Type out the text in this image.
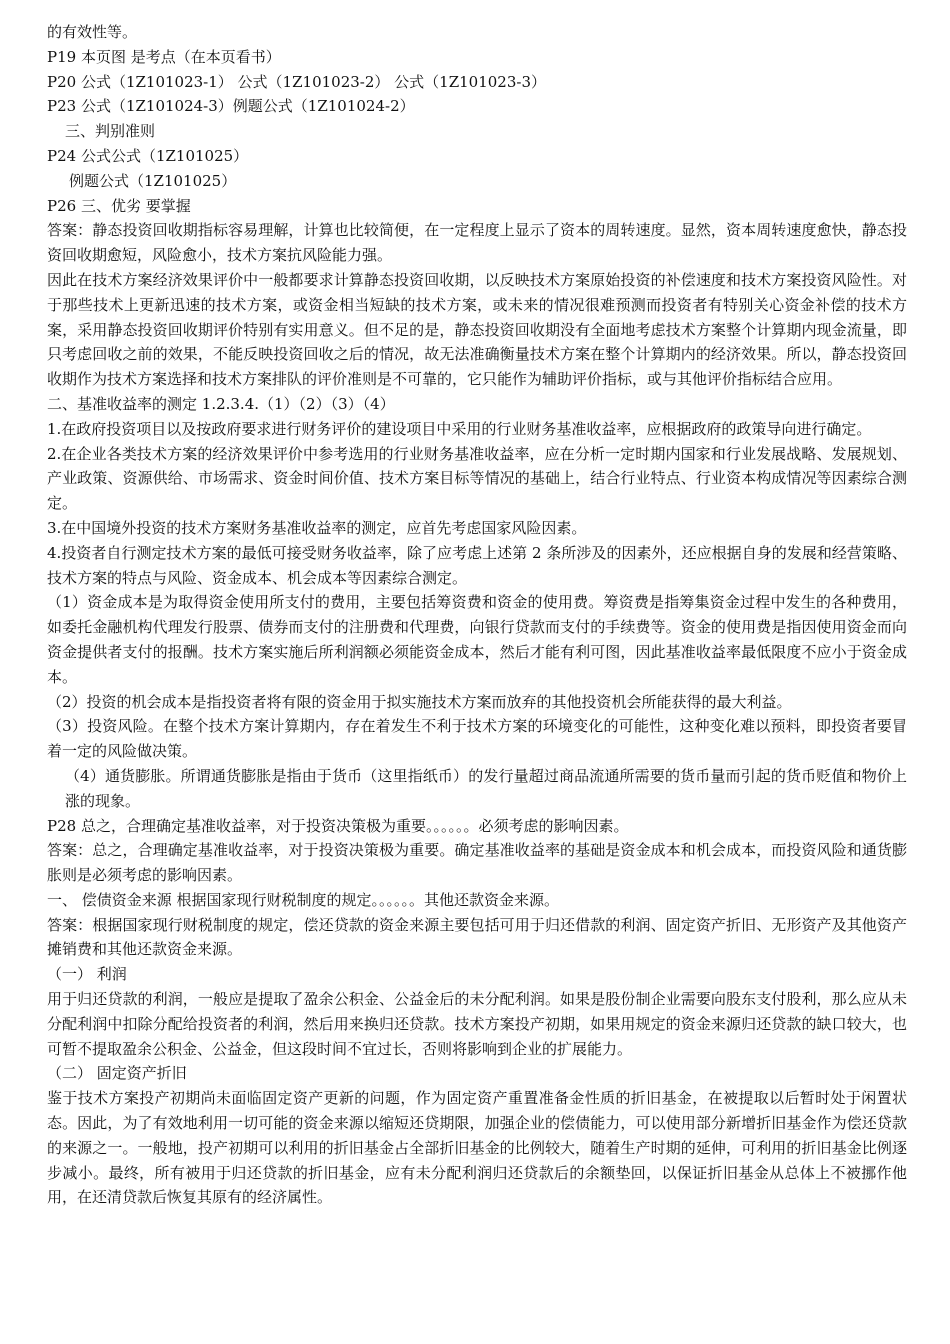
的有效性等。

P19 本页图 是考点（在本页看书）

P20 公式（1Z101023-1） 公式（1Z101023-2） 公式（1Z101023-3）

P23 公式（1Z101024-3）例题公式（1Z101024-2）

三、判别准则

P24 公式公式（1Z101025）

例题公式（1Z101025）

P26 三、优劣 要掌握

答案：静态投资回收期指标容易理解，计算也比较简便，在一定程度上显示了资本的周转速度。显然，资本周转速度愈快，静态投资回收期愈短，风险愈小，技术方案抗风险能力强。

因此在技术方案经济效果评价中一般都要求计算静态投资回收期，以反映技术方案原始投资的补偿速度和技术方案投资风险性。对于那些技术上更新迅速的技术方案，或资金相当短缺的技术方案，或未来的情况很难预测而投资者有特别关心资金补偿的技术方案，采用静态投资回收期评价特别有实用意义。但不足的是，静态投资回收期没有全面地考虑技术方案整个计算期内现金流量，即只考虑回收之前的效果，不能反映投资回收之后的情况，故无法准确衡量技术方案在整个计算期内的经济效果。所以，静态投资回收期作为技术方案选择和技术方案排队的评价准则是不可靠的，它只能作为辅助评价指标，或与其他评价指标结合应用。

二、基准收益率的测定 1.2.3.4.（1）（2）（3）（4）

1.在政府投资项目以及按政府要求进行财务评价的建设项目中采用的行业财务基准收益率，应根据政府的政策导向进行确定。

2.在企业各类技术方案的经济效果评价中参考选用的行业财务基准收益率，应在分析一定时期内国家和行业发展战略、发展规划、产业政策、资源供给、市场需求、资金时间价值、技术方案目标等情况的基础上，结合行业特点、行业资本构成情况等因素综合测定。

3.在中国境外投资的技术方案财务基准收益率的测定，应首先考虑国家风险因素。

4.投资者自行测定技术方案的最低可接受财务收益率，除了应考虑上述第 2 条所涉及的因素外，还应根据自身的发展和经营策略、技术方案的特点与风险、资金成本、机会成本等因素综合测定。

（1）资金成本是为取得资金使用所支付的费用，主要包括筹资费和资金的使用费。筹资费是指筹集资金过程中发生的各种费用，如委托金融机构代理发行股票、债券而支付的注册费和代理费，向银行贷款而支付的手续费等。资金的使用费是指因使用资金而向资金提供者支付的报酬。技术方案实施后所利润额必须能资金成本，然后才能有利可图，因此基准收益率最低限度不应小于资金成本。

（2）投资的机会成本是指投资者将有限的资金用于拟实施技术方案而放弃的其他投资机会所能获得的最大利益。

（3）投资风险。在整个技术方案计算期内，存在着发生不利于技术方案的环境变化的可能性，这种变化难以预料，即投资者要冒着一定的风险做决策。

（4）通货膨胀。所谓通货膨胀是指由于货币（这里指纸币）的发行量超过商品流通所需要的货币量而引起的货币贬值和物价上涨的现象。

P28 总之，合理确定基准收益率，对于投资决策极为重要。。。。。。必须考虑的影响因素。

答案：总之，合理确定基准收益率，对于投资决策极为重要。确定基准收益率的基础是资金成本和机会成本，而投资风险和通货膨胀则是必须考虑的影响因素。

一、 偿债资金来源 根据国家现行财税制度的规定。。。。。。其他还款资金来源。

答案：根据国家现行财税制度的规定，偿还贷款的资金来源主要包括可用于归还借款的利润、固定资产折旧、无形资产及其他资产摊销费和其他还款资金来源。

（一） 利润

用于归还贷款的利润，一般应是提取了盈余公积金、公益金后的未分配利润。如果是股份制企业需要向股东支付股利，那么应从未分配利润中扣除分配给投资者的利润，然后用来换归还贷款。技术方案投产初期，如果用规定的资金来源归还贷款的缺口较大，也可暂不提取盈余公积金、公益金，但这段时间不宜过长，否则将影响到企业的扩展能力。

（二） 固定资产折旧

鉴于技术方案投产初期尚未面临固定资产更新的问题，作为固定资产重置准备金性质的折旧基金，在被提取以后暂时处于闲置状态。因此，为了有效地利用一切可能的资金来源以缩短还贷期限，加强企业的偿债能力，可以使用部分新增折旧基金作为偿还贷款的来源之一。一般地，投产初期可以利用的折旧基金占全部折旧基金的比例较大，随着生产时期的延伸，可利用的折旧基金比例逐步减小。最终，所有被用于归还贷款的折旧基金，应有未分配利润归还贷款后的余额垫回，以保证折旧基金从总体上不被挪作他用，在还清贷款后恢复其原有的经济属性。
